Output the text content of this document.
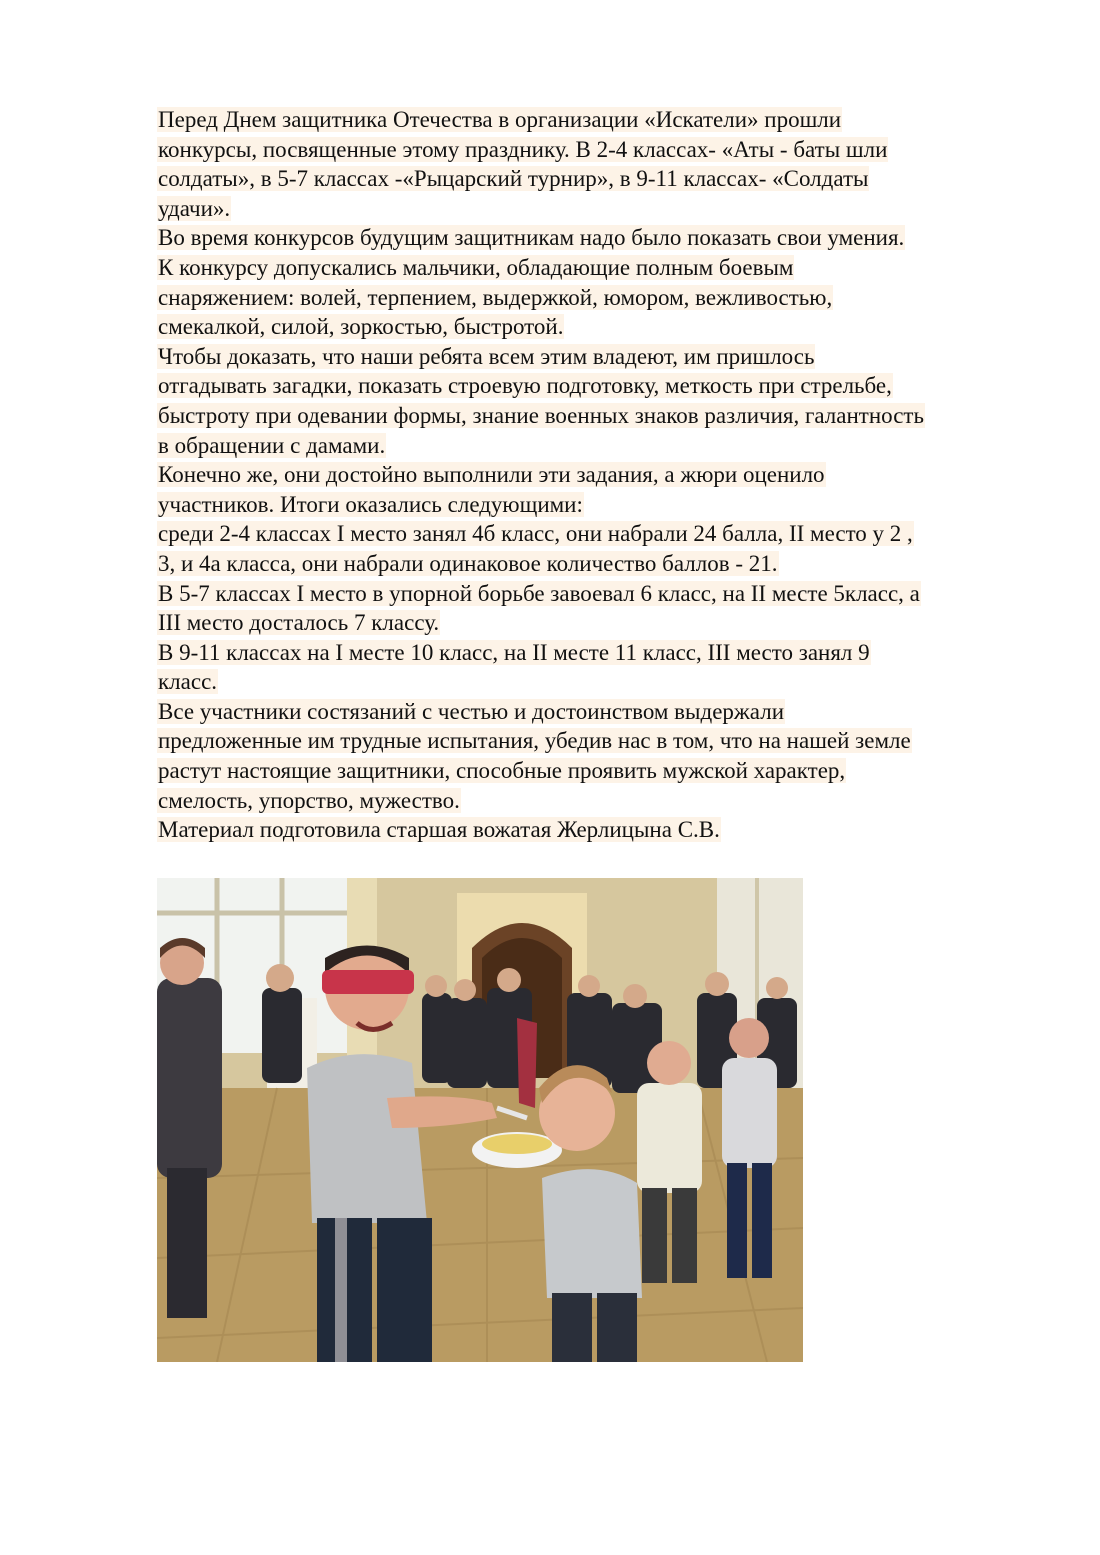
Перед Днем защитника Отечества в организации «Искатели» прошли
конкурсы, посвященные этому празднику. В 2-4 классах- «Аты - баты шли
солдаты», в 5-7 классах -«Рыцарский турнир», в 9-11 классах- «Солдаты
удачи».
Во время конкурсов будущим защитникам надо было показать свои умения.
К конкурсу допускались мальчики, обладающие полным боевым
снаряжением: волей, терпением, выдержкой, юмором, вежливостью,
смекалкой, силой, зоркостью, быстротой.
Чтобы доказать, что наши ребята всем этим владеют, им пришлось
отгадывать загадки, показать строевую подготовку, меткость при стрельбе,
быстроту при одевании формы, знание военных знаков различия, галантность
в обращении с дамами.
Конечно же, они достойно выполнили эти задания, а жюри оценило
участников. Итоги оказались следующими:
среди 2-4 классах I место занял 4б класс, они набрали 24 балла, II место у 2 ,
3, и 4а класса, они набрали одинаковое количество баллов - 21.
В 5-7 классах I место в упорной борьбе завоевал 6 класс, на II месте 5класс, а
III место досталось 7 классу.
В 9-11 классах на I месте 10 класс, на II месте 11 класс, III место занял 9
класс.
Все участники состязаний с честью и достоинством выдержали
предложенные им трудные испытания, убедив нас в том, что на нашей земле
растут настоящие защитники, способные проявить мужской характер,
смелость, упорство, мужество.
Материал подготовила старшая вожатая Жерлицына С.В.
